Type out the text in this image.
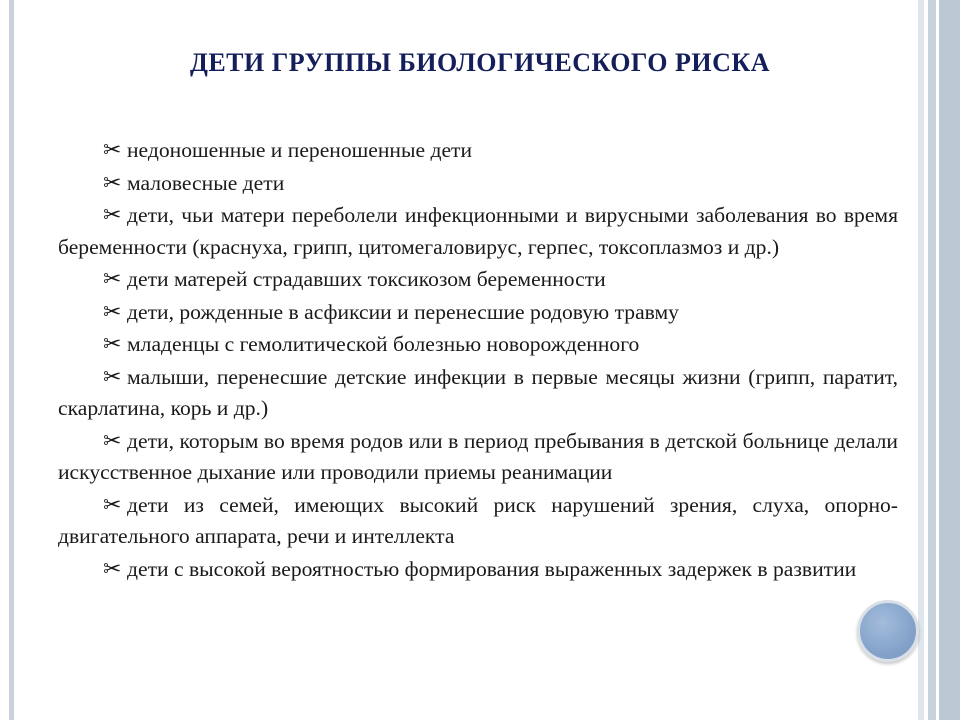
ДЕТИ ГРУППЫ БИОЛОГИЧЕСКОГО РИСКА

✂ недоношенные и переношенные дети

✂ маловесные дети

✂ дети, чьи матери переболели инфекционными и вирусными заболевания во время беременности (краснуха, грипп, цитомегаловирус, герпес, токсоплазмоз и др.)

✂ дети матерей страдавших токсикозом беременности

✂ дети, рожденные в асфиксии и перенесшие родовую травму

✂ младенцы с гемолитической болезнью новорожденного

✂ малыши, перенесшие детские инфекции в первые месяцы жизни (грипп, паратит, скарлатина, корь и др.)

✂ дети, которым во время родов или в период пребывания в детской больнице делали искусственное дыхание или проводили приемы реанимации

✂ дети из семей, имеющих высокий риск нарушений зрения, слуха, опорно-двигательного аппарата, речи и интеллекта

✂ дети с высокой вероятностью формирования выраженных задержек в развитии
